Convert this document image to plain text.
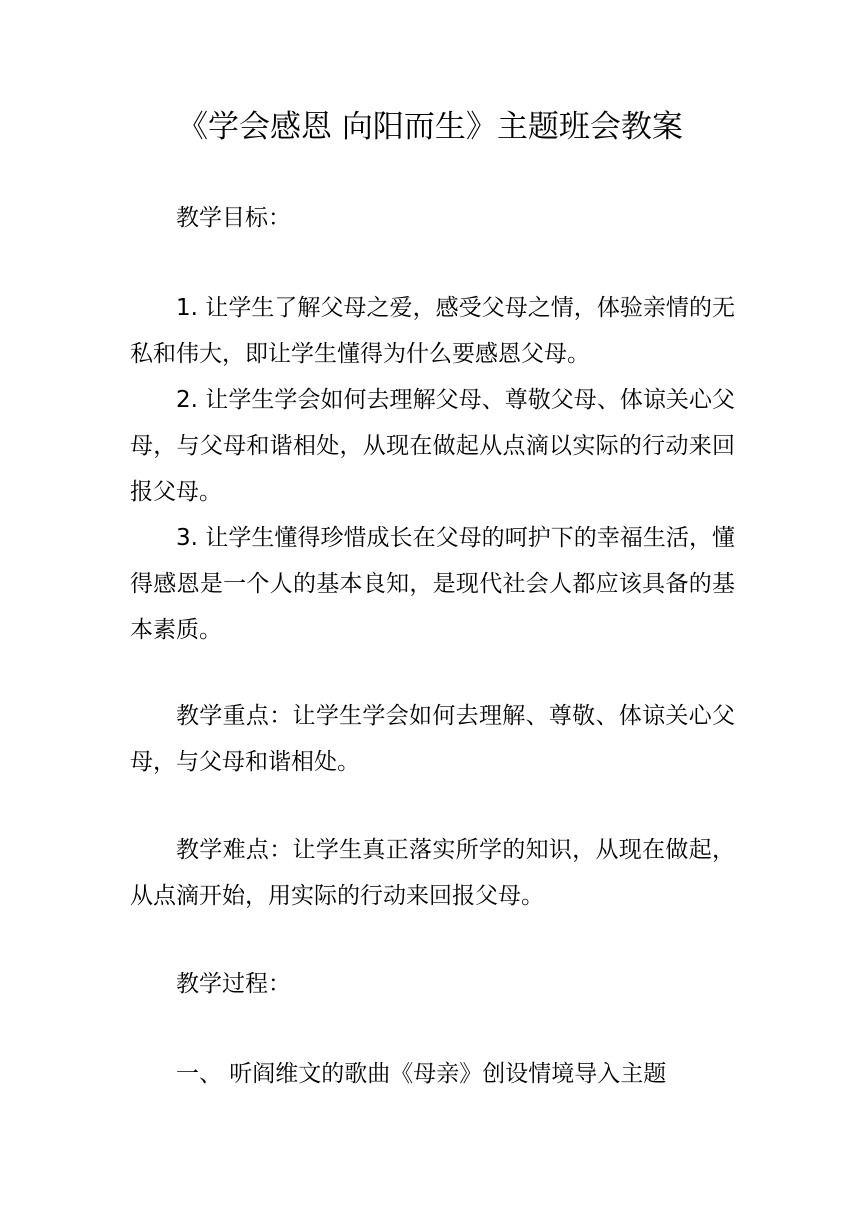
《学会感恩 向阳而生》主题班会教案

教学目标：

1. 让学生了解父母之爱，感受父母之情，体验亲情的无私和伟大，即让学生懂得为什么要感恩父母。

2. 让学生学会如何去理解父母、尊敬父母、体谅关心父母，与父母和谐相处，从现在做起从点滴以实际的行动来回报父母。

3. 让学生懂得珍惜成长在父母的呵护下的幸福生活，懂得感恩是一个人的基本良知，是现代社会人都应该具备的基本素质。

教学重点：让学生学会如何去理解、尊敬、体谅关心父母，与父母和谐相处。

教学难点：让学生真正落实所学的知识，从现在做起，从点滴开始，用实际的行动来回报父母。

教学过程：

一、 听阎维文的歌曲《母亲》创设情境导入主题
